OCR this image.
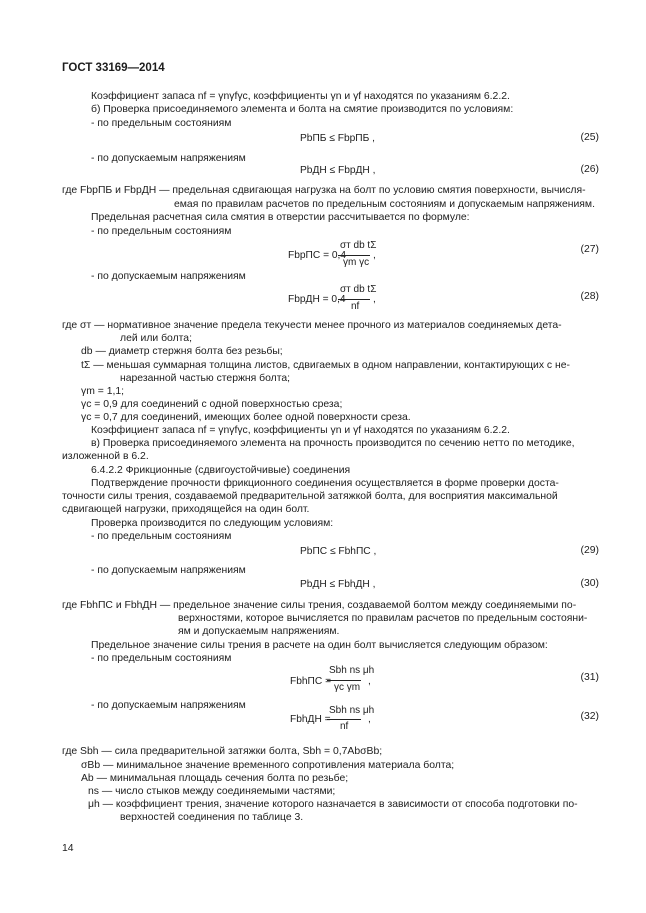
ГОСТ 33169—2014
Коэффициент запаса nf = γnγfγc, коэффициенты γn и γf находятся по указаниям 6.2.2.
б) Проверка присоединяемого элемента и болта на смятие производится по условиям:
- по предельным состояниям
PbПБ ≤ FbрПБ ,	(25)
- по допускаемым напряжениям
PbДН ≤ FbрДН ,	(26)
где FbрПБ и FbрДН — предельная сдвигающая нагрузка на болт по условию смятия поверхности, вычисля-
емая по правилам расчетов по предельным состояниям и допускаемым напряжениям.
Предельная расчетная сила смятия в отверстии рассчитывается по формуле:
- по предельным состояниям
FbрПС = 0,4
σт db tΣ
γm γc
,
(27)
- по допускаемым напряжениям
FbрДН = 0,4
σт db tΣ
nf
,	(28)
где σт — нормативное значение предела текучести менее прочного из материалов соединяемых дета-
лей или болта;
db — диаметр стержня болта без резьбы;
tΣ — меньшая суммарная толщина листов, сдвигаемых в одном направлении, контактирующих с не-
нарезанной частью стержня болта;
γm = 1,1;
γc = 0,9 для соединений с одной поверхностью среза;
γc = 0,7 для соединений, имеющих более одной поверхности среза.
Коэффициент запаса nf = γnγfγc, коэффициенты γn и γf находятся по указаниям 6.2.2.
в) Проверка присоединяемого элемента на прочность производится по сечению нетто по методике,
изложенной в 6.2.
6.4.2.2 Фрикционные (сдвигоустойчивые) соединения
Подтверждение прочности фрикционного соединения осуществляется в форме проверки доста-
точности силы трения, создаваемой предварительной затяжкой болта, для восприятия максимальной
сдвигающей нагрузки, приходящейся на один болт.
Проверка производится по следующим условиям:
- по предельным состояниям
PbПС ≤ FbhПС ,	(29)
- по допускаемым напряжениям
PbДН ≤ FbhДН ,	(30)
где FbhПС и FbhДН — предельное значение силы трения, создаваемой болтом между соединяемыми по-
верхностями, которое вычисляется по правилам расчетов по предельным состояни-
ям и допускаемым напряжениям.
Предельное значение силы трения в расчете на один болт вычисляется следующим образом:
- по предельным состояниям
FbhПС =
Sbh ns μh
γc γm
,	(31)
- по допускаемым напряжениям
FbhДН =
Sbh ns μh
nf
,	(32)
где Sbh — сила предварительной затяжки болта, Sbh = 0,7AbσBb;
σBb — минимальное значение временного сопротивления материала болта;
Ab — минимальная площадь сечения болта по резьбе;
ns — число стыков между соединяемыми частями;
μh — коэффициент трения, значение которого назначается в зависимости от способа подготовки по-
верхностей соединения по таблице 3.
14
